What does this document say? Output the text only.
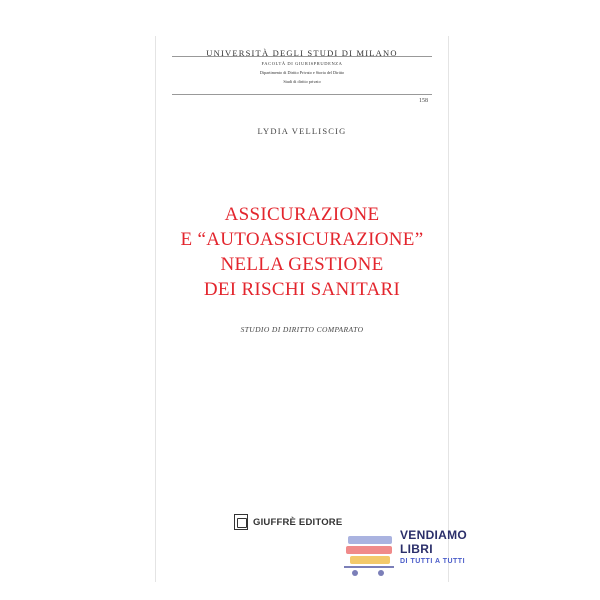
UNIVERSITÀ DEGLI STUDI DI MILANO
FACOLTÀ DI GIURISPRUDENZA
Dipartimento di Diritto Privato e Storia del Diritto
Studi di diritto privato
158
LYDIA VELLISCIG
ASSICURAZIONE
E “AUTOASSICURAZIONE”
NELLA GESTIONE
DEI RISCHI SANITARI
STUDIO DI DIRITTO COMPARATO
GIUFFRÈ EDITORE
VENDIAMO
LIBRI
DI TUTTI A TUTTI
